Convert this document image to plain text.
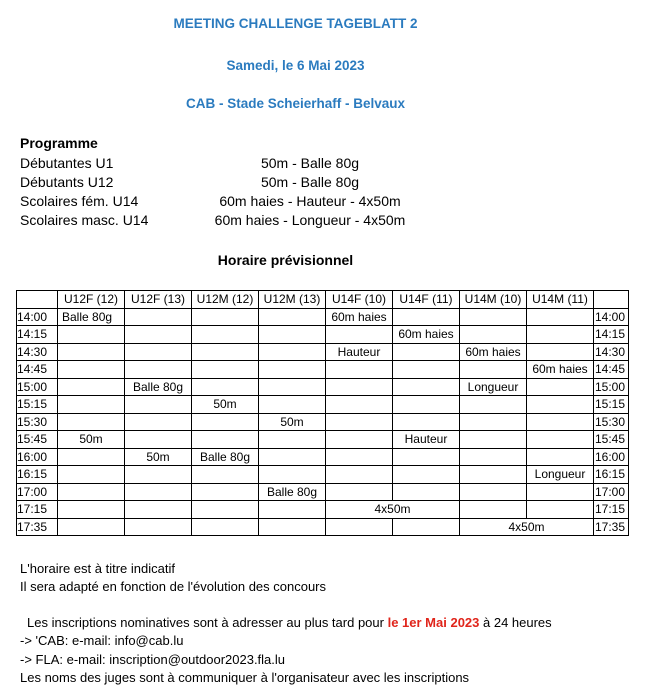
MEETING CHALLENGE TAGEBLATT 2
Samedi, le 6 Mai 2023
CAB - Stade Scheierhaff - Belvaux
Programme
Débutantes U1	50m - Balle 80g
Débutants U12	50m - Balle 80g
Scolaires fém. U14	60m haies - Hauteur - 4x50m
Scolaires masc. U14	60m haies - Longueur - 4x50m
Horaire prévisionnel
	U12F (12)	U12F (13)	U12M (12)	U12M (13)	U14F (10)	U14F (11)	U14M (10)	U14M (11)	
14:00	Balle 80g				60m haies				14:00
14:15						60m haies			14:15
14:30					Hauteur		60m haies		14:30
14:45								60m haies	14:45
15:00		Balle 80g					Longueur		15:00
15:15			50m						15:15
15:30				50m					15:30
15:45	50m					Hauteur			15:45
16:00		50m	Balle 80g						16:00
16:15								Longueur	16:15
17:00				Balle 80g					17:00
17:15					4x50m				17:15
17:35							4x50m		17:35
L'horaire est à titre indicatif
Il sera adapté en fonction de l'évolution des concours
Les inscriptions nominatives sont à adresser au plus tard pour le 1er Mai 2023 à 24 heures
-> 'CAB: e-mail: info@cab.lu
-> FLA: e-mail: inscription@outdoor2023.fla.lu
Les noms des juges sont à communiquer à l'organisateur avec les inscriptions
